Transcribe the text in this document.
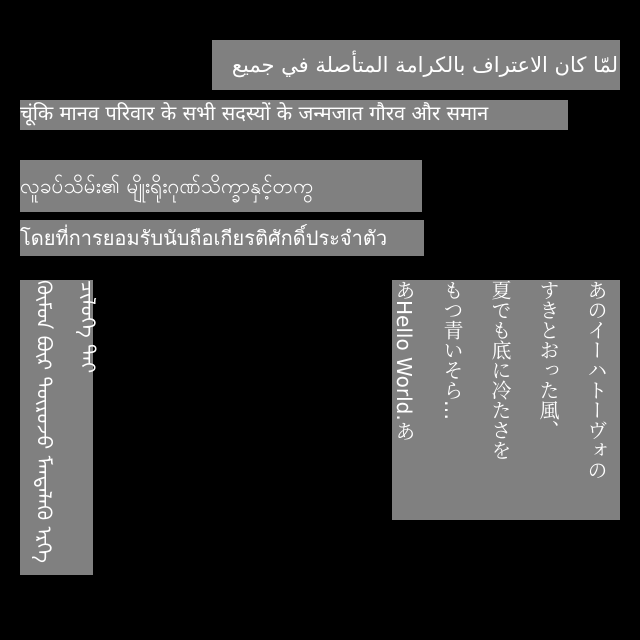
لمّا كان الاعتراف بالكرامة المتأصلة في جميع
चूंकि मानव परिवार के सभी सदस्यों के जन्मजात गौरव और समान
လူခပ်သိမ်း၏ မျိုးရိုးဂုဏ်သိက္ခာနှင့်တကွ
โดยที่การยอมรับนับถือเกียรติศักดิ์ประจำตัว
ᠬᠦᠮᠦᠨ ᠪᠦᠷ ᠲᠥᠷᠥᠵᠦ ᠮᠡᠨᠳᠡᠯᠡᠬᠦ ᠡᠷᠬᠡ ᠴᠢᠯᠥᠭᠡ ᠲᠡᠢ	あのイーハトーヴォの
すきとおった風、
夏でも底に冷たさを
もつ青いそら…
あHello World.あ
